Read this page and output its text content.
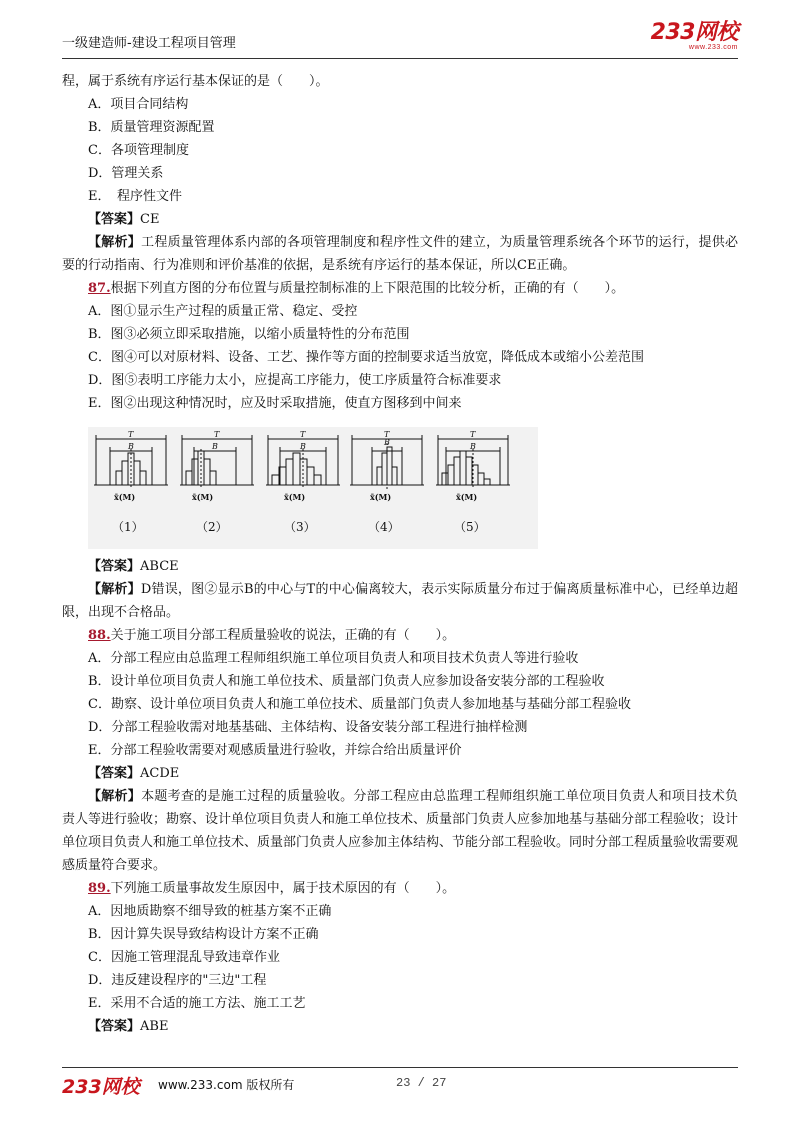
一级建造师-建设工程项目管理	233网校
www.233.com
程，属于系统有序运行基本保证的是（　　）。
A．项目合同结构
B．质量管理资源配置
C．各项管理制度
D．管理关系
E．　程序性文件
【答案】CE
【解析】工程质量管理体系内部的各项管理制度和程序性文件的建立，为质量管理系统各个环节的运行，提供必要的行动指南、行为准则和评价基准的依据，是系统有序运行的基本保证，所以CE正确。
87.根据下列直方图的分布位置与质量控制标准的上下限范围的比较分析，正确的有（　　）。
A．图①显示生产过程的质量正常、稳定、受控
B．图③必须立即采取措施，以缩小质量特性的分布范围
C．图④可以对原材料、设备、工艺、操作等方面的控制要求适当放宽，降低成本或缩小公差范围
D．图⑤表明工序能力太小，应提高工序能力，使工序质量符合标准要求
E．图②出现这种情况时，应及时采取措施，使直方图移到中间来
T
B
T
B
T
B
T
B
T
B
x̄(M)	x̄(M)	x̄(M)	x̄(M)	x̄(M)
（1）	（2）	（3）	（4）	（5）
【答案】ABCE
【解析】D错误，图②显示B的中心与T的中心偏离较大，表示实际质量分布过于偏离质量标准中心，已经单边超限，出现不合格品。
88.关于施工项目分部工程质量验收的说法，正确的有（　　）。
A．分部工程应由总监理工程师组织施工单位项目负责人和项目技术负责人等进行验收
B．设计单位项目负责人和施工单位技术、质量部门负责人应参加设备安装分部的工程验收
C．勘察、设计单位项目负责人和施工单位技术、质量部门负责人参加地基与基础分部工程验收
D．分部工程验收需对地基基础、主体结构、设备安装分部工程进行抽样检测
E．分部工程验收需要对观感质量进行验收，并综合给出质量评价
【答案】ACDE
【解析】本题考查的是施工过程的质量验收。分部工程应由总监理工程师组织施工单位项目负责人和项目技术负责人等进行验收；勘察、设计单位项目负责人和施工单位技术、质量部门负责人应参加地基与基础分部工程验收；设计单位项目负责人和施工单位技术、质量部门负责人应参加主体结构、节能分部工程验收。同时分部工程质量验收需要观感质量符合要求。
89.下列施工质量事故发生原因中，属于技术原因的有（　　）。
A．因地质勘察不细导致的桩基方案不正确
B．因计算失误导致结构设计方案不正确
C．因施工管理混乱导致违章作业
D．违反建设程序的"三边"工程
E．采用不合适的施工方法、施工工艺
【答案】ABE
233网校 www.233.com 版权所有	23 / 27
